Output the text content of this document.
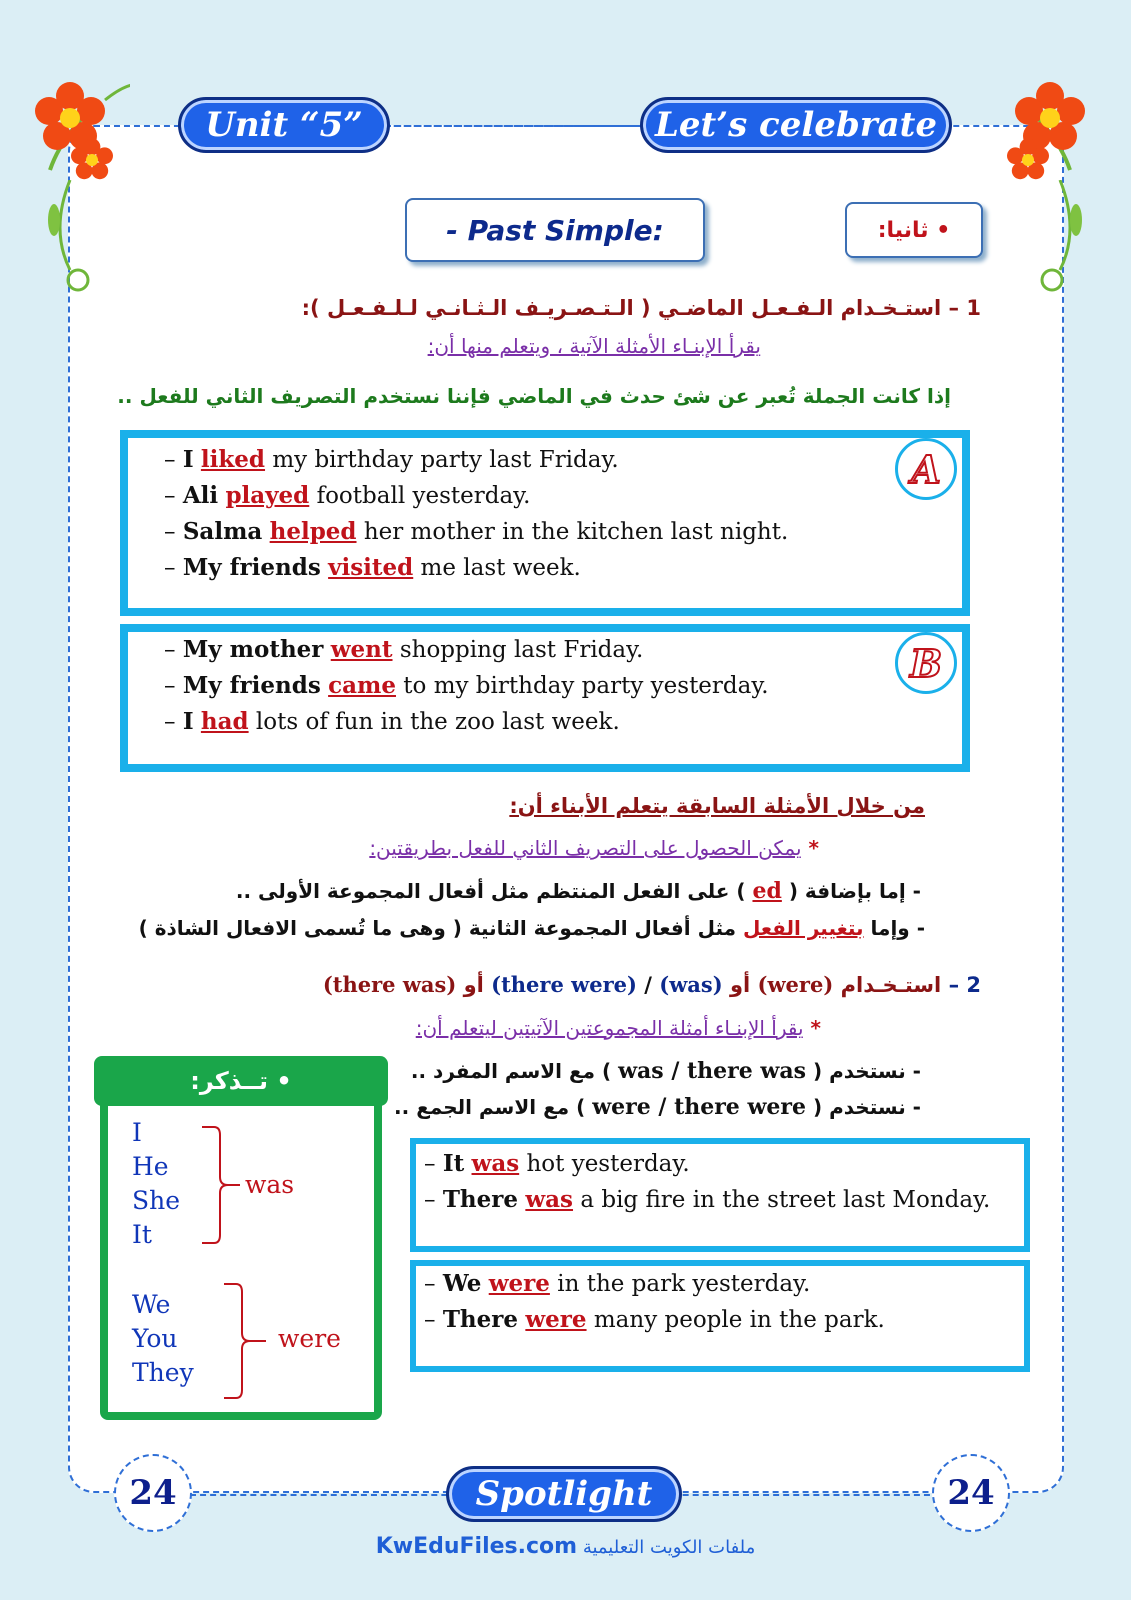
Unit “5”	Let’s celebrate
- Past Simple:	• ثانيا:
1 – استـخـدام الـفـعـل الماضـي ( الـتـصـريـف الـثـانـي لـلـفـعـل ):
يقرأ الإبنـاء الأمثلة الآتية ، ويتعلم منها أن:
إذا كانت الجملة تُعبر عن شئ حدث في الماضي فإننا نستخدم التصريف الثاني للفعل ..
A
– I liked my birthday party last Friday.
– Ali played football yesterday.
– Salma helped her mother in the kitchen last night.
– My friends visited me last week.
B
– My mother went shopping last Friday.
– My friends came to my birthday party yesterday.
– I had lots of fun in the zoo last week.
من خلال الأمثلة السابقة يتعلم الأبناء أن:
* يمكن الحصول على التصريف الثاني للفعل بطريقتين:
- إما بإضافة ( ed ) على الفعل المنتظم مثل أفعال المجموعة الأولى ..
- وإما بتغيير الفعل مثل أفعال المجموعة الثانية ( وهى ما تُسمى الافعال الشاذة )
2 – استـخـدام (were) أو (was) / (there were) أو (there was)
* يقرأ الإبنـاء أمثلة المجموعتين الآتيتين ليتعلم أن:
- نستخدم ( was / there was ) مع الاسم المفرد ..
- نستخدم ( were / there were ) مع الاسم الجمع ..
• تــذكر:
I
He
She
It
was
We
You
They
were
– It was hot yesterday.
– There was a big fire in the street last Monday.
– We were in the park yesterday.
– There were many people in the park.
24	24
Spotlight
KwEduFiles.com ملفات الكويت التعليمية
